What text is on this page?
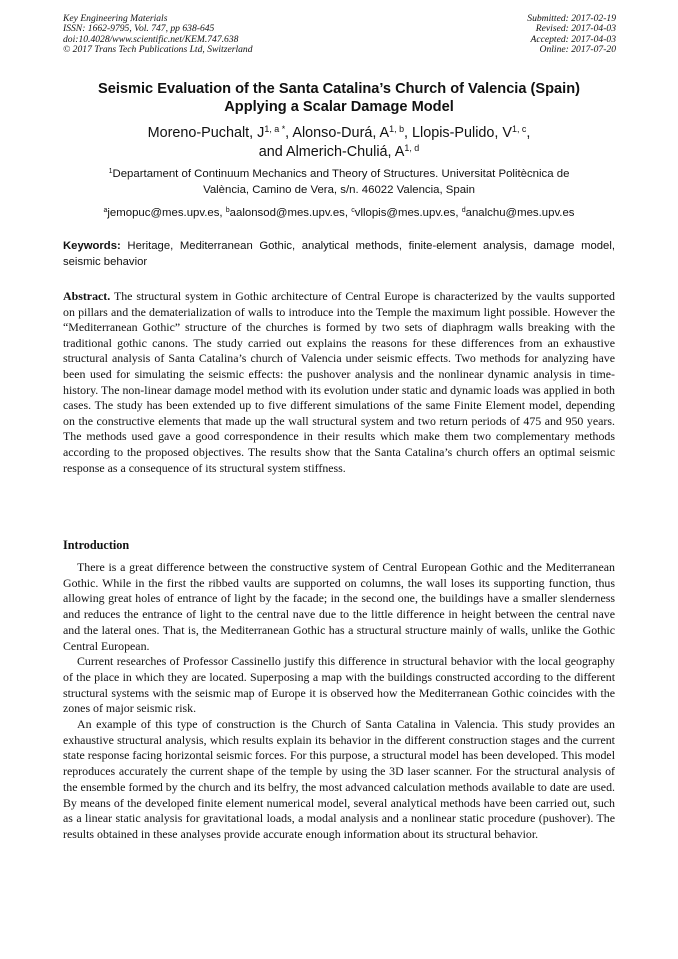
Key Engineering Materials
ISSN: 1662-9795, Vol. 747, pp 638-645
doi:10.4028/www.scientific.net/KEM.747.638
© 2017 Trans Tech Publications Ltd, Switzerland
Submitted: 2017-02-19
Revised: 2017-04-03
Accepted: 2017-04-03
Online: 2017-07-20
Seismic Evaluation of the Santa Catalina’s Church of Valencia (Spain)
Applying a Scalar Damage Model
Moreno-Puchalt, $J^{1, a *}$, Alonso-Durá, A$^{1, b}$, Llopis-Pulido, V$^{1, c}$,
and Almerich-Chuliá, A$^{1, d}$
$^1$Departament of Continuum Mechanics and Theory of Structures. Universitat Politècnica de
València, Camino de Vera, s/n. 46022 Valencia, Spain
$^a$jemopuc@mes.upv.es, $^b$aalonsod@mes.upv.es, $^c$vllopis@mes.upv.es, $^d$analchu@mes.upv.es
Keywords: Heritage, Mediterranean Gothic, analytical methods, finite-element analysis, damage model, seismic behavior
Abstract. The structural system in Gothic architecture of Central Europe is characterized by the vaults supported on pillars and the dematerialization of walls to introduce into the Temple the maximum light possible. However the “Mediterranean Gothic” structure of the churches is formed by two sets of diaphragm walls breaking with the traditional gothic canons. The study carried out explains the reasons for these differences from an exhaustive structural analysis of Santa Catalina’s church of Valencia under seismic effects. Two methods for analyzing have been used for simulating the seismic effects: the pushover analysis and the nonlinear dynamic analysis in time-history. The non-linear damage model method with its evolution under static and dynamic loads was applied in both cases. The study has been extended up to five different simulations of the same Finite Element model, depending on the constructive elements that made up the wall structural system and two return periods of 475 and 950 years. The methods used gave a good correspondence in their results which make them two complementary methods according to the proposed objectives. The results show that the Santa Catalina’s church offers an optimal seismic response as a consequence of its structural system stiffness.
Introduction

There is a great difference between the constructive system of Central European Gothic and the Mediterranean Gothic. While in the first the ribbed vaults are supported on columns, the wall loses its supporting function, thus allowing great holes of entrance of light by the facade; in the second one, the buildings have a smaller slenderness and reduces the entrance of light to the central nave due to the little difference in height between the central nave and the lateral ones. That is, the Mediterranean Gothic has a structural structure mainly of walls, unlike the Gothic Central European.

Current researches of Professor Cassinello justify this difference in structural behavior with the local geography of the place in which they are located. Superposing a map with the buildings constructed according to the different structural systems with the seismic map of Europe it is observed how the Mediterranean Gothic coincides with the zones of major seismic risk.

An example of this type of construction is the Church of Santa Catalina in Valencia. This study provides an exhaustive structural analysis, which results explain its behavior in the different construction stages and the current state response facing horizontal seismic forces. For this purpose, a structural model has been developed. This model reproduces accurately the current shape of the temple by using the 3D laser scanner. For the structural analysis of the ensemble formed by the church and its belfry, the most advanced calculation methods available to date are used. By means of the developed finite element numerical model, several analytical methods have been carried out, such as a linear static analysis for gravitational loads, a modal analysis and a nonlinear static procedure (pushover). The results obtained in these analyses provide accurate enough information about its structural behavior.
